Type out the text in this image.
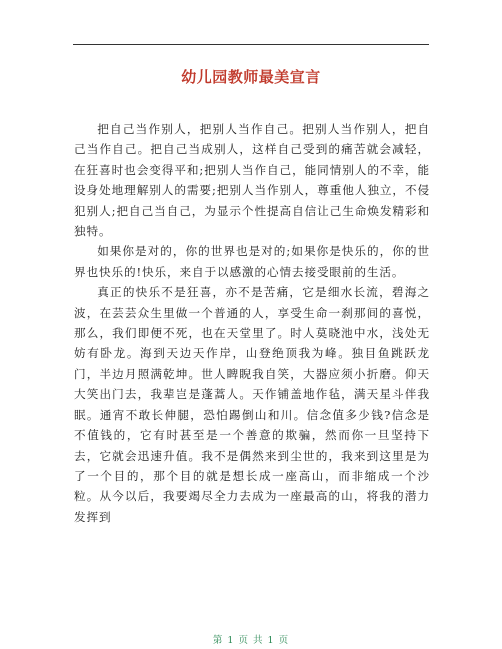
幼儿园教师最美宣言

把自己当作别人，把别人当作自己。把别人当作别人，把自己当作自己。把自己当成别人，这样自己受到的痛苦就会减轻，在狂喜时也会变得平和;把别人当作自己，能同情别人的不幸，能设身处地理解别人的需要;把别人当作别人，尊重他人独立，不侵犯别人;把自己当自己，为显示个性提高自信让己生命焕发精彩和独特。

如果你是对的，你的世界也是对的;如果你是快乐的，你的世界也快乐的!快乐，来自于以感激的心情去接受眼前的生活。

真正的快乐不是狂喜，亦不是苦痛，它是细水长流，碧海之波，在芸芸众生里做一个普通的人，享受生命一刹那间的喜悦，那么，我们即便不死，也在天堂里了。时人莫晓池中水，浅处无妨有卧龙。海到天边天作岸，山登绝顶我为峰。独目鱼跳跃龙门，半边月照满乾坤。世人睥睨我自笑，大器应须小折磨。仰天大笑出门去，我辈岂是蓬蒿人。天作铺盖地作毡，满天星斗伴我眠。通宵不敢长伸腿，恐怕踢倒山和川。信念值多少钱?信念是不值钱的，它有时甚至是一个善意的欺骗，然而你一旦坚持下去，它就会迅速升值。我不是偶然来到尘世的，我来到这里是为了一个目的，那个目的就是想长成一座高山，而非缩成一个沙粒。从今以后，我要竭尽全力去成为一座最高的山，将我的潜力发挥到

第 1 页 共 1 页
